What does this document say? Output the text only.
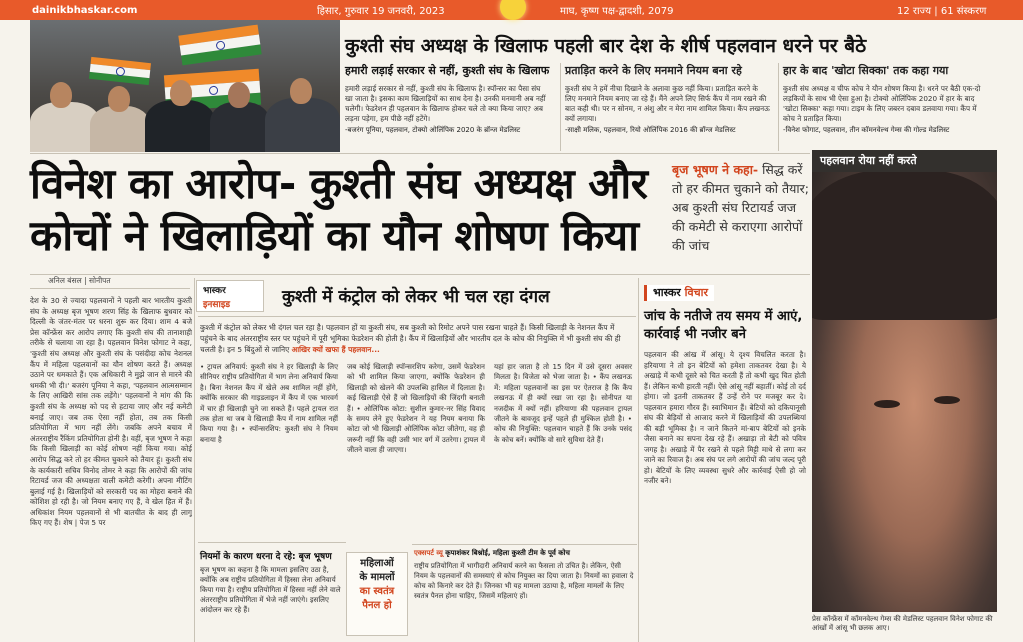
dainikbhaskar.com	हिसार, गुरुवार 19 जनवरी, 2023	माघ, कृष्ण पक्ष-द्वादशी, 2079	12 राज्य | 61 संस्करण
कुश्ती संघ अध्यक्ष के खिलाफ पहली बार देश के शीर्ष पहलवान धरने पर बैठे
हमारी लड़ाई सरकार से नहीं, कुश्ती संघ के खिलाफ

हमारी लड़ाई सरकार से नहीं, कुश्ती संघ के खिलाफ है। स्पॉन्सर का पैसा संघ खा जाता है। इसका काम खिलाड़ियों का साथ देना है। उनकी मनमानी अब नहीं चलेगी। फेडरेशन ही पहलवान के खिलाफ होकर चले तो क्या किया जाए? अब लड़ना पड़ेगा, हम पीछे नहीं हटेंगे।

-बजरंग पूनिया, पहलवान, टोक्यो ओलिंपिक 2020 के ब्रॉन्ज मेडलिस्ट
प्रताड़ित करने के लिए मनमाने नियम बना रहे

कुश्ती संघ ने हमें नीचा दिखाने के अलावा कुछ नहीं किया। प्रताड़ित करने के लिए मनमाने नियम बनाए जा रहे हैं। मैंने अपने लिए सिर्फ कैंप में नाम रखने की बात कही थी। पर न सोनम, न अंशु और न मेरा नाम शामिल किया। कैंप लखनऊ क्यों लगाया।

-साक्षी मलिक, पहलवान, रियो ओलिंपिक 2016 की ब्रॉन्ज मेडलिस्ट
हार के बाद 'खोटा सिक्का' तक कहा गया

कुश्ती संघ अध्यक्ष व चीफ कोच ने यौन शोषण किया है। धरने पर बैठी एक-दो लड़कियों के साथ भी ऐसा हुआ है। टोक्यो ओलिंपिक 2020 में हार के बाद 'खोटा सिक्का' कहा गया। टाइम के लिए जबरन दबाव डलवाया गया। कैंप में कोच ने प्रताड़ित किया।

-विनेश फोगाट, पहलवान, तीन कॉमनवेल्थ गेम्स की गोल्ड मेडलिस्ट
विनेश का आरोप- कुश्ती संघ अध्यक्ष और
कोचों ने खिलाड़ियों का यौन शोषण किया
बृज भूषण ने कहा- सिद्ध करें तो हर कीमत चुकाने को तैयार; अब कुश्ती संघ रिटायर्ड जज की कमेटी से कराएगा आरोपों की जांच
पहलवान रोया नहीं करते
प्रेस कॉन्फ्रेंस में कॉमनवेल्थ गेम्स की मेडलिस्ट पहलवान विनेश फोगाट की आंखों में आंसू भी छलक आए।
अनिल बंसल | सोनीपत
देश के 30 से ज्यादा पहलवानों ने पहली बार भारतीय कुश्ती संघ के अध्यक्ष बृज भूषण शरण सिंह के खिलाफ बुधवार को दिल्ली के जंतर-मंतर पर धरना शुरू कर दिया। शाम 4 बजे प्रेस कॉन्फ्रेंस कर आरोप लगाए कि कुश्ती संघ की तानाशाही तरीके से चलाया जा रहा है। पहलवान विनेश फोगाट ने कहा, 'कुश्ती संघ अध्यक्ष और कुश्ती संघ के पसंदीदा कोच नेशनल कैंप में महिला पहलवानों का यौन शोषण करते हैं। अध्यक्ष उठाने पर धमकाते हैं। एक अधिकारी ने मुझे जान से मारने की धमकी भी दी।' बजरंग पूनिया ने कहा, 'पहलवान आत्मसम्मान के लिए आखिरी सांस तक लड़ेंगे।' पहलवानों ने मांग की कि कुश्ती संघ के अध्यक्ष को पद से हटाया जाए और नई कमेटी बनाई जाए। जब तक ऐसा नहीं होता, तब तक किसी प्रतियोगिता में भाग नहीं लेंगे। जबकि अपने बचाव में अंतरराष्ट्रीय रैंकिंग प्रतियोगिता होनी है। वहीं, बृज भूषण ने कहा कि किसी खिलाड़ी का कोई शोषण नहीं किया गया। कोई आरोप सिद्ध करे तो हर कीमत चुकाने को तैयार हूं। कुश्ती संघ के कार्यकारी सचिव विनोद तोमर ने कहा कि आरोपों की जांच रिटायर्ड जज की अध्यक्षता वाली कमेटी करेगी। अपना मीटिंग बुलाई गई है। खिलाड़ियों को सरकारी पद का मोहरा बनाने की कोशिश हो रही है। जो नियम बनाए गए हैं, वे खेल हित में हैं। अधिकांश नियम पहलवानों से भी बातचीत के बाद ही लागू किए गए हैं। शेष | पेज 5 पर
भास्कर
इनसाइड	कुश्ती में कंट्रोल को लेकर भी चल रहा दंगल
कुश्ती में कंट्रोल को लेकर भी दंगल चल रहा है। पहलवान हों या कुश्ती संघ, सब कुश्ती को रिमोट अपने पास रखना चाहते हैं। किसी खिलाड़ी के नेशनल कैंप में पहुंचने के बाद अंतरराष्ट्रीय स्तर पर पहुंचने में पूरी भूमिका फेडरेशन की होती है। कैंप में खिलाड़ियों और भारतीय दल के कोच की नियुक्ति में भी कुश्ती संघ की ही चलती है। इन 5 बिंदुओं से जानिए आखिर क्यों खफा हैं पहलवान...
• ट्रायल अनिवार्य: कुश्ती संघ ने हर खिलाड़ी के लिए सीनियर राष्ट्रीय प्रतियोगिता में भाग लेना अनिवार्य किया है। बिना नेशनल कैंप में खेले अब शामिल नहीं होंगे, क्योंकि सरकार की गाइडलाइन में कैंप में एक भारवर्ग में चार ही खिलाड़ी चुने जा सकते हैं। पहले ट्रायल रात तक होता था जब वे खिलाड़ी कैंप में नाम शामिल नहीं किया गया है। • स्पॉन्सरशिप: कुश्ती संघ ने नियम बनाया है
जब कोई खिलाड़ी स्पॉन्सरशिप करेगा, उसमें फेडरेशन को भी शामिल किया जाएगा, क्योंकि फेडरेशन ही खिलाड़ी को खेलने की उपलब्धि हासिल में दिलाता है। कई खिलाड़ी ऐसे हैं जो खिलाड़ियों की जिंदगी बनाती हैं। • ओलिंपिक कोटा: सुशील कुमार-नर सिंह विवाद के समय लेने हुए फेडरेशन ने यह नियम बनाया कि कोटा जो भी खिलाड़ी ओलिंपिक कोटा जीतेगा, वह ही जरूरी नहीं कि वही उसी भार वर्ग में उतरेगा। ट्रायल में जीतने वाला ही जाएगा।
यहां हार जाता है तो 15 दिन में उसे दूसरा अवसर मिलता है। विजेता को भेजा जाता है। • कैंप लखनऊ में: महिला पहलवानों का इस पर ऐतराज है कि कैंप लखनऊ में ही क्यों रखा जा रहा है। सोनीपत या नजदीक में क्यों नहीं। हरियाणा की पहलवान ट्रायल जीतने के बावजूद इन्हें पहले ही मुश्किल होती है। • कोच की नियुक्ति: पहलवान चाहते हैं कि उनके पसंद के कोच बनें। क्योंकि वो सारे सुविधा देते हैं।
नियमों के कारण धरना दे रहे: बृज भूषण

बृज भूषण का कहना है कि मामला इसलिए उठा है, क्योंकि अब राष्ट्रीय प्रतियोगिता में हिस्सा लेना अनिवार्य किया गया है। राष्ट्रीय प्रतियोगिता में हिस्सा नहीं लेने वाले अंतरराष्ट्रीय प्रतियोगिता में भेजे नहीं जाएंगे। इसलिए आंदोलन कर रहे हैं।

महिलाओं
के मामलों
का स्वतंत्र
पैनल हो
एक्सपर्ट व्यू कृपाशंकर बिश्नोई, महिला कुश्ती टीम के पूर्व कोच

राष्ट्रीय प्रतियोगिता में भागीदारी अनिवार्य करने का फैसला तो उचित है। लेकिन, ऐसी नियम के पहलवानों की समस्याएं से कोच नियुक्त का दिया जाता है। नियमों का हवाला दे कोच को किनारे कर देते हैं। जिनका भी यह मामला उठाया है, महिला मामलों के लिए स्वतंत्र पैनल होना चाहिए, जिसमें महिलाएं हों।

भास्कर विचार
जांच के नतीजे तय समय में आएं, कार्रवाई भी नजीर बने
पहलवान की आंख में आंसू। ये दृश्य विचलित करता है। हरियाणा ने तो इन बेटियों को हमेशा ताकतवर देखा है। ये अखाड़े में कभी दूसरे को चित करती हैं तो कभी खुद चित होती हैं। लेकिन कभी हारती नहीं। ऐसे आंसू नहीं बहातीं। कोई तो दर्द होगा। जो इतनी ताकतवर हैं उन्हें रोने पर मजबूर कर दे। पहलवान हमारा गौरव हैं। स्वाभिमान हैं। बेटियों को दकियानूसी संघ की बेड़ियों से आजाद करने में खिलाड़ियों की उपलब्धियां की बड़ी भूमिका है। न जाने कितने मां-बाप बेटियों को इनके जैसा बनाने का सपना देख रहे हैं। अखाड़ा तो बेटी को पवित्र जगह है। अखाड़े में पैर रखने से पहले मिट्टी माथे से लगा कर जाने का रिवाज है। अब संघ पर लगे आरोपों की जांच जल्द पूरी हो। बेटियों के लिए व्यवस्था सुधरे और कार्रवाई ऐसी हो जो नजीर बने।
